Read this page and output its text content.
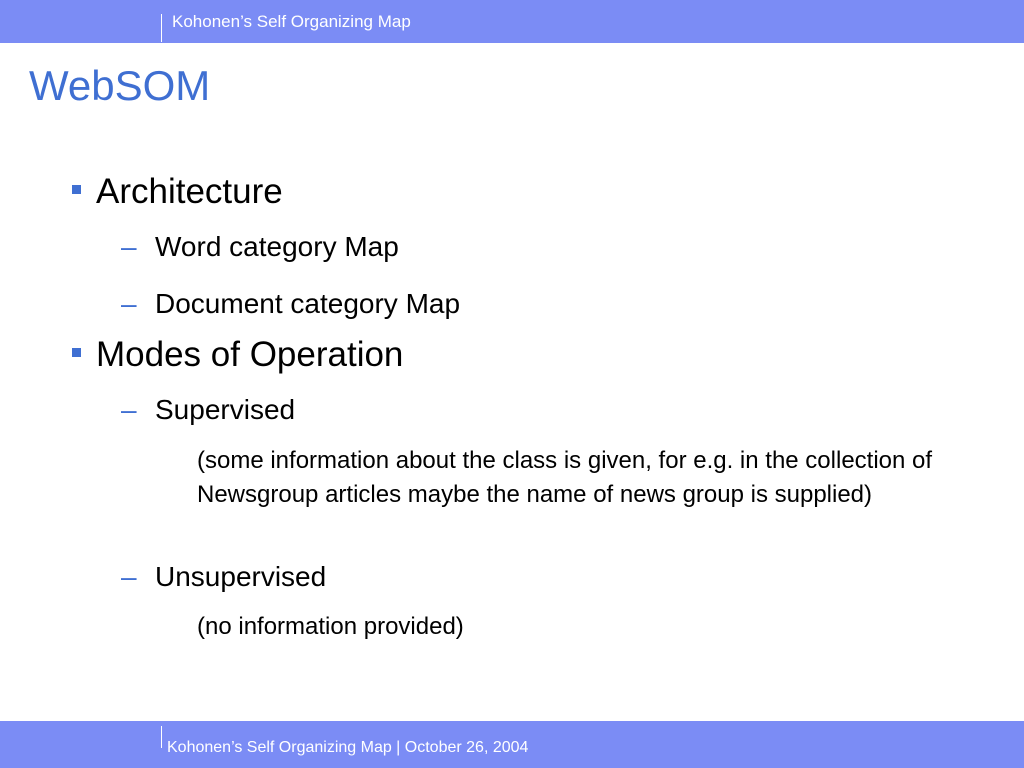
Kohonen’s Self Organizing Map
WebSOM
Architecture
– Word category Map
– Document category Map
Modes of Operation
– Supervised
(some information about the class is given, for e.g. in the collection of Newsgroup articles maybe the name of news group is supplied)
– Unsupervised
(no information provided)
Kohonen’s Self Organizing Map | October 26, 2004
